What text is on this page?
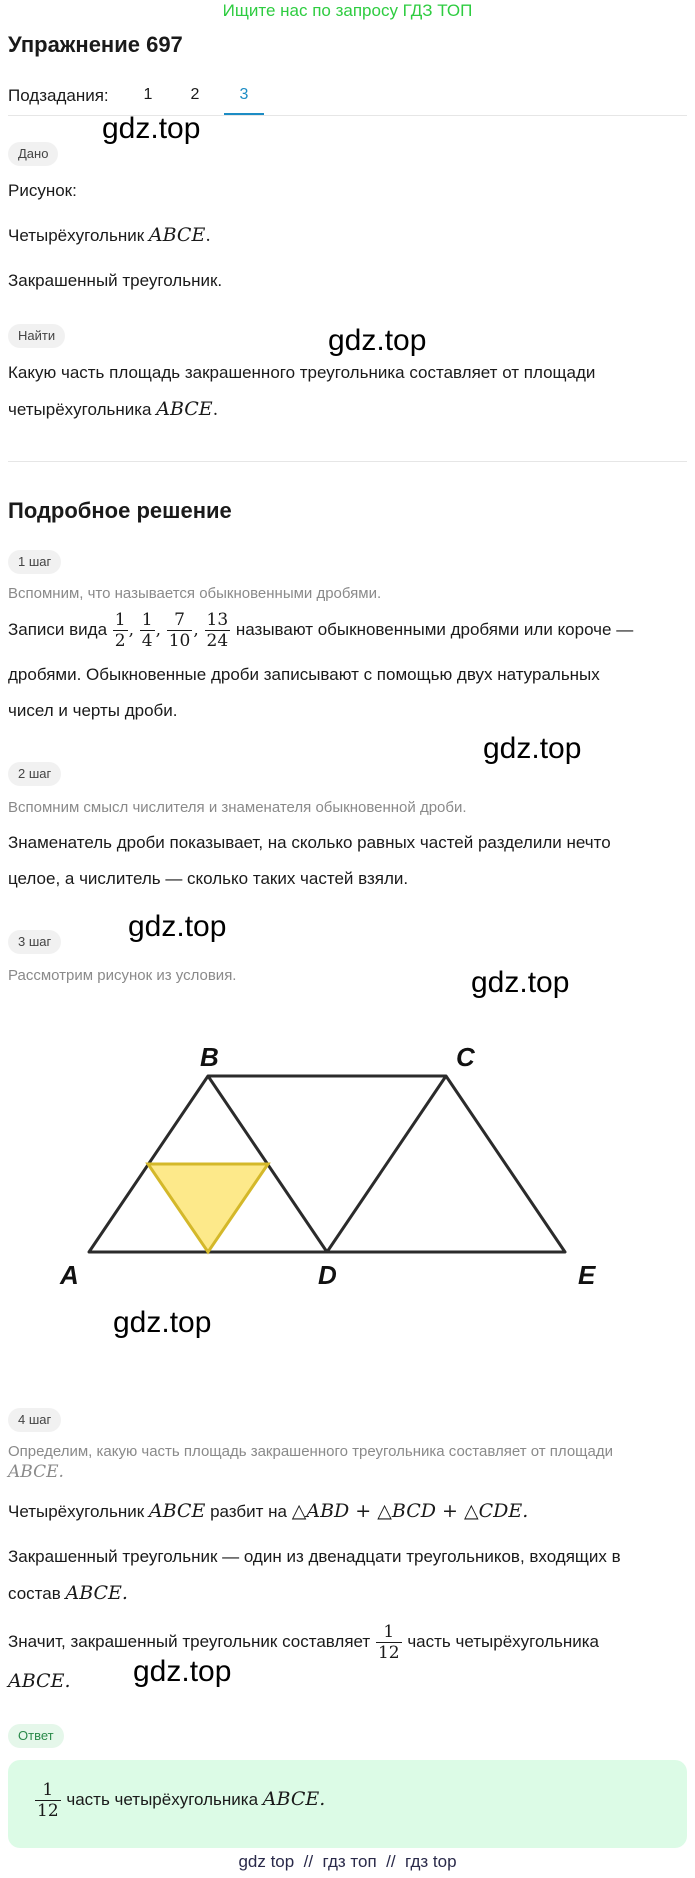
Ищите нас по запросу ГДЗ ТОП
Упражнение 697
Подзадания:	1	2	3
gdz.top
gdz.top
gdz.top
gdz.top
gdz.top
gdz.top
gdz.top
Дано
Рисунок:
Четырёхугольник ABCE.
Закрашенный треугольник.
Найти
Какую часть площадь закрашенного треугольника составляет от площади
четырёхугольника ABCE.
Подробное решение
1 шаг
Вспомним, что называется обыкновенными дробями.
Записи вида $\frac{1}{2}$ , $\frac{1}{4}$ , $\frac{7}{10}$ , $\frac{13}{24}$ называют обыкновенными дробями или короче —
дробями. Обыкновенные дроби записывают с помощью двух натуральных
чисел и черты дроби.
2 шаг
Вспомним смысл числителя и знаменателя обыкновенной дроби.
Знаменатель дроби показывает, на сколько равных частей разделили нечто
целое, а числитель — сколько таких частей взяли.
3 шаг
Рассмотрим рисунок из условия.
B	C
A	D	E
4 шаг
Определим, какую часть площадь закрашенного треугольника составляет от площади
ABCE.
Четырёхугольник ABCE разбит на △ABD + △BCD + △CDE.
Закрашенный треугольник — один из двенадцати треугольников, входящих в
состав ABCE.
Значит, закрашенный треугольник составляет $\frac{1}{12}$ часть четырёхугольника
ABCE.
Ответ
$\frac{1}{12}$ часть четырёхугольника ABCE.
gdz top  //  гдз топ  //  гдз top
